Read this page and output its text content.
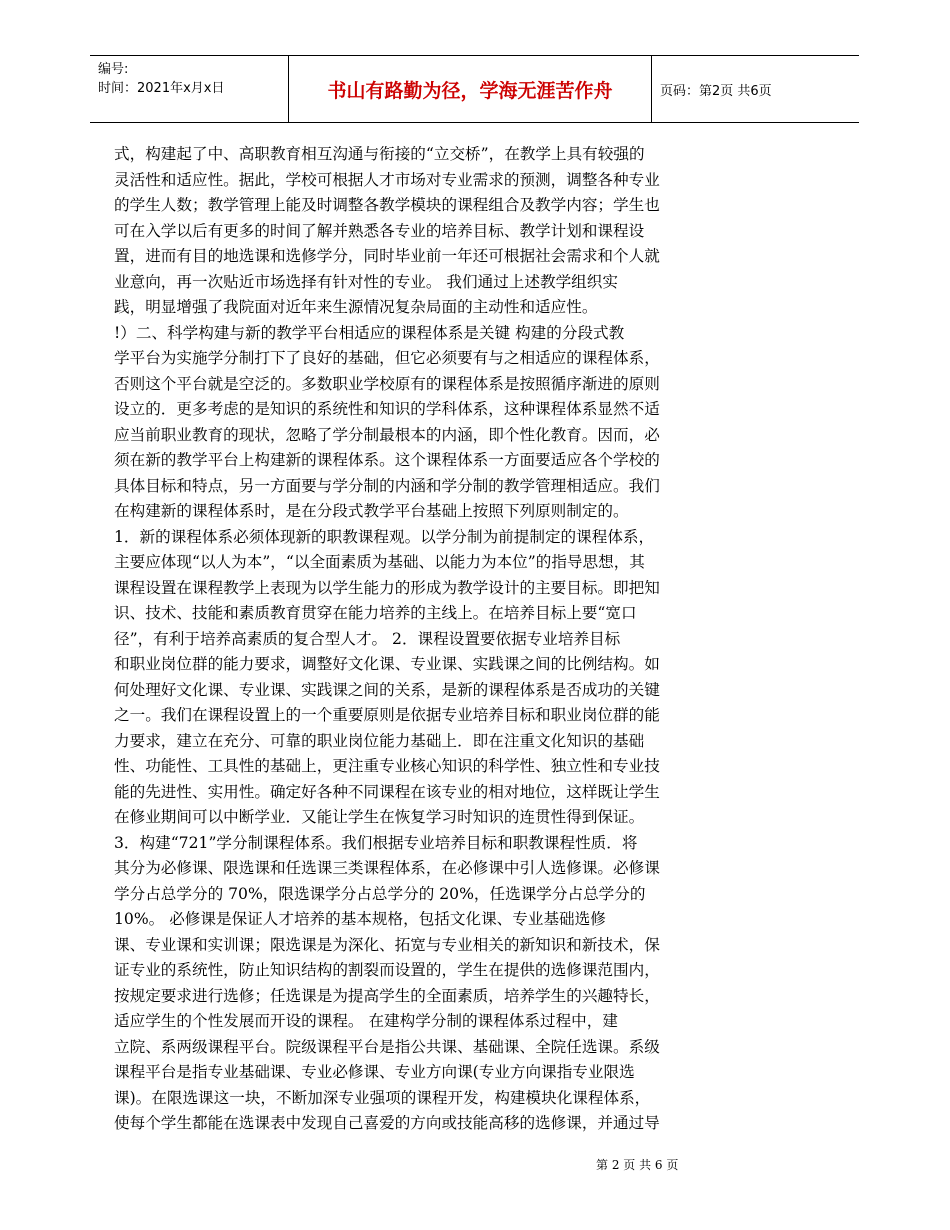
编号:
时间：2021年x月x日	书山有路勤为径，学海无涯苦作舟	页码：第2页 共6页
式，构建起了中、高职教育相互沟通与衔接的“立交桥”，在教学上具有较强的
灵活性和适应性。据此，学校可根据人才市场对专业需求的预测，调整各种专业
的学生人数；教学管理上能及时调整各教学模块的课程组合及教学内容；学生也
可在入学以后有更多的时间了解并熟悉各专业的培养目标、教学计划和课程设
置，进而有目的地选课和选修学分，同时毕业前一年还可根据社会需求和个人就
业意向，再一次贴近市场选择有针对性的专业。 我们通过上述教学组织实
践，明显增强了我院面对近年来生源情况复杂局面的主动性和适应性。
!）二、科学构建与新的教学平台相适应的课程体系是关键 构建的分段式教
学平台为实施学分制打下了良好的基础，但它必须要有与之相适应的课程体系，
否则这个平台就是空泛的。多数职业学校原有的课程体系是按照循序渐进的原则
设立的．更多考虑的是知识的系统性和知识的学科体系，这种课程体系显然不适
应当前职业教育的现状，忽略了学分制最根本的内涵，即个性化教育。因而，必
须在新的教学平台上构建新的课程体系。这个课程体系一方面要适应各个学校的
具体目标和特点，另一方面要与学分制的内涵和学分制的教学管理相适应。我们
在构建新的课程体系时，是在分段式教学平台基础上按照下列原则制定的。
1．新的课程体系必须体现新的职教课程观。以学分制为前提制定的课程体系，
主要应体现“以人为本”，“以全面素质为基础、以能力为本位”的指导思想，其
课程设置在课程教学上表现为以学生能力的形成为教学设计的主要目标。即把知
识、技术、技能和素质教育贯穿在能力培养的主线上。在培养目标上要“宽口
径”，有利于培养高素质的复合型人才。 2．课程设置要依据专业培养目标
和职业岗位群的能力要求，调整好文化课、专业课、实践课之间的比例结构。如
何处理好文化课、专业课、实践课之间的关系，是新的课程体系是否成功的关键
之一。我们在课程设置上的一个重要原则是依据专业培养目标和职业岗位群的能
力要求，建立在充分、可靠的职业岗位能力基础上．即在注重文化知识的基础
性、功能性、工具性的基础上，更注重专业核心知识的科学性、独立性和专业技
能的先进性、实用性。确定好各种不同课程在该专业的相对地位，这样既让学生
在修业期间可以中断学业．又能让学生在恢复学习时知识的连贯性得到保证。
3．构建“721”学分制课程体系。我们根据专业培养目标和职教课程性质．将
其分为必修课、限选课和任选课三类课程体系，在必修课中引人选修课。必修课
学分占总学分的 70%，限选课学分占总学分的 20%，任选课学分占总学分的
10%。 必修课是保证人才培养的基本规格，包括文化课、专业基础选修
课、专业课和实训课；限选课是为深化、拓宽与专业相关的新知识和新技术，保
证专业的系统性，防止知识结构的割裂而设置的，学生在提供的选修课范围内，
按规定要求进行选修；任选课是为提高学生的全面素质，培养学生的兴趣特长，
适应学生的个性发展而开设的课程。 在建构学分制的课程体系过程中，建
立院、系两级课程平台。院级课程平台是指公共课、基础课、全院任选课。系级
课程平台是指专业基础课、专业必修课、专业方向课(专业方向课指专业限选
课)。在限选课这一块，不断加深专业强项的课程开发，构建模块化课程体系，
使每个学生都能在选课表中发现自己喜爱的方向或技能高移的选修课，并通过导
第 2 页 共 6 页
